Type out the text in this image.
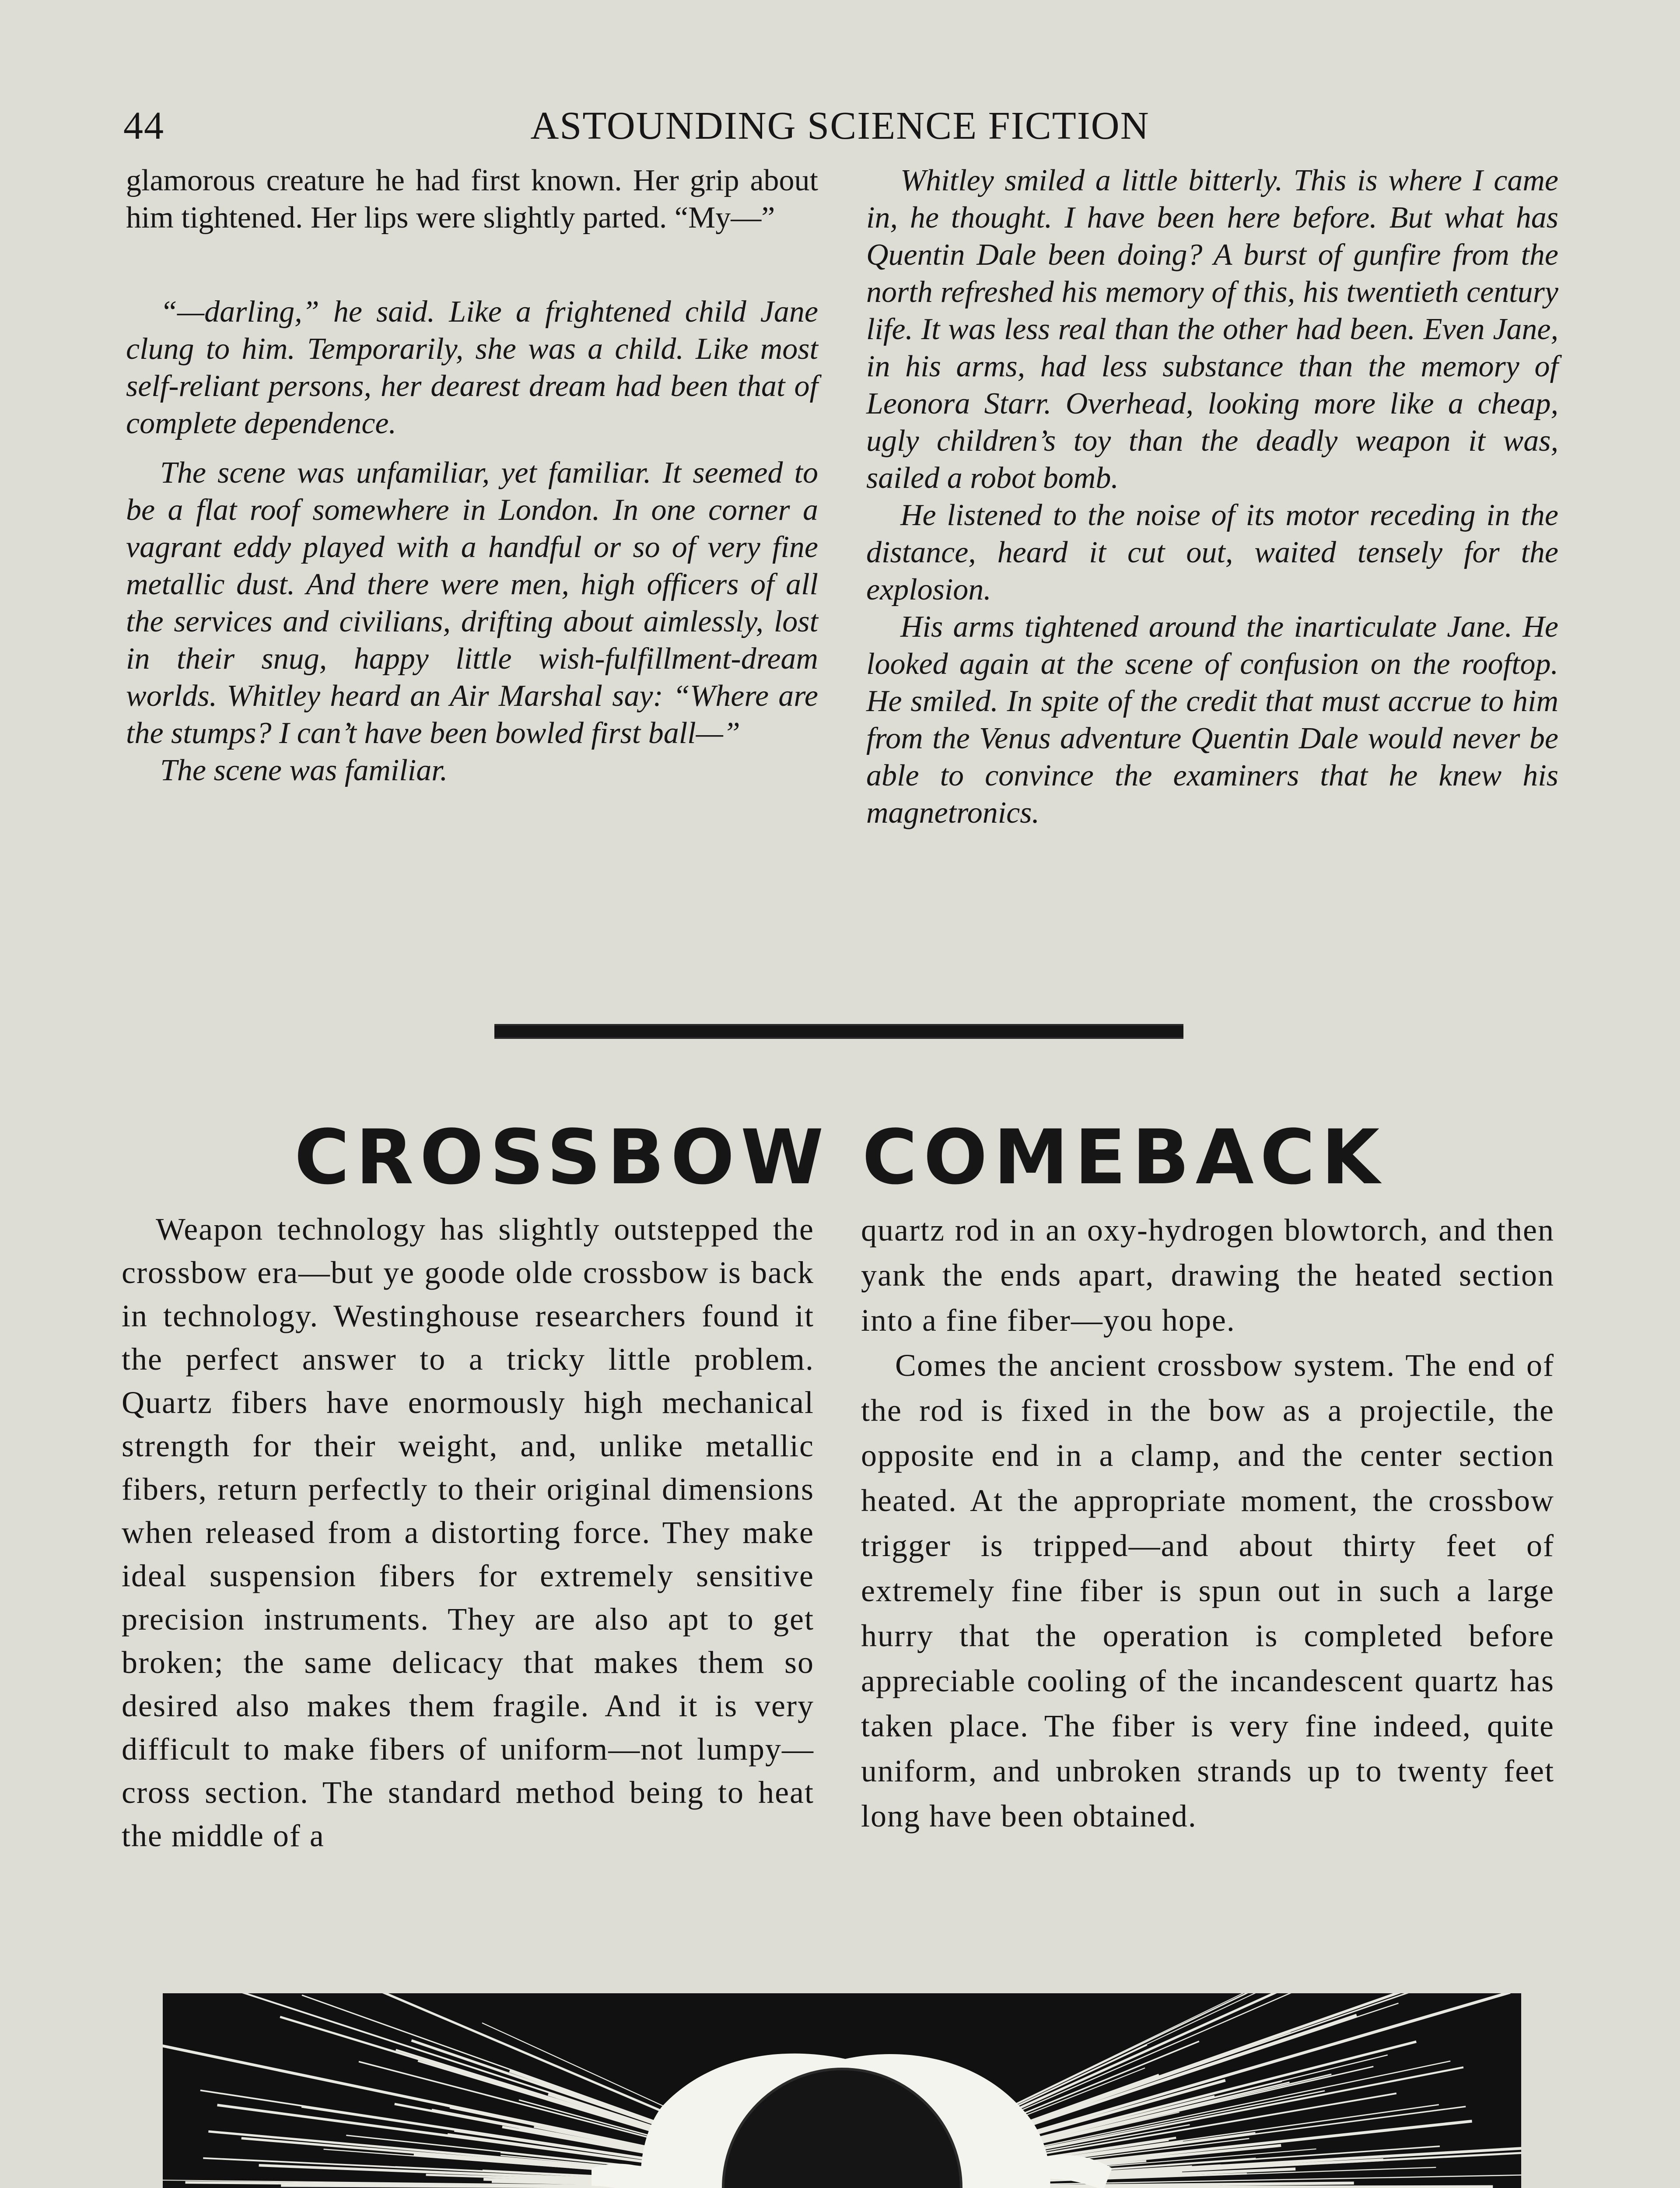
44	ASTOUNDING SCIENCE FICTION

glamorous creature he had first known. Her grip about him tightened. Her lips were slightly parted. “My—”

“—darling,” he said. Like a frightened child Jane clung to him. Temporarily, she was a child. Like most self-reliant persons, her dearest dream had been that of complete dependence.

The scene was unfamiliar, yet familiar. It seemed to be a flat roof somewhere in London. In one corner a vagrant eddy played with a handful or so of very fine metallic dust. And there were men, high officers of all the services and civilians, drifting about aimlessly, lost in their snug, happy little wish-fulfillment-dream worlds. Whitley heard an Air Marshal say: “Where are the stumps? I can’t have been bowled first ball—”

The scene was familiar.

Whitley smiled a little bitterly. This is where I came in, he thought. I have been here before. But what has Quentin Dale been doing? A burst of gunfire from the north refreshed his memory of this, his twentieth century life. It was less real than the other had been. Even Jane, in his arms, had less substance than the memory of Leonora Starr. Overhead, looking more like a cheap, ugly children’s toy than the deadly weapon it was, sailed a robot bomb.

He listened to the noise of its motor receding in the distance, heard it cut out, waited tensely for the explosion.

His arms tightened around the inarticulate Jane. He looked again at the scene of confusion on the rooftop. He smiled. In spite of the credit that must accrue to him from the Venus adventure Quentin Dale would never be able to convince the examiners that he knew his magnetronics.

CROSSBOW COMEBACK

Weapon technology has slightly outstepped the crossbow era—but ye goode olde crossbow is back in technology. Westinghouse researchers found it the perfect answer to a tricky little problem. Quartz fibers have enormously high mechanical strength for their weight, and, unlike metallic fibers, return perfectly to their original dimensions when released from a distorting force. They make ideal suspension fibers for extremely sensitive precision instruments. They are also apt to get broken; the same delicacy that makes them so desired also makes them fragile. And it is very difficult to make fibers of uniform—not lumpy—cross section. The standard method being to heat the middle of a

quartz rod in an oxy-hydrogen blowtorch, and then yank the ends apart, drawing the heated section into a fine fiber—you hope.

Comes the ancient crossbow system. The end of the rod is fixed in the bow as a projectile, the opposite end in a clamp, and the center section heated. At the appropriate moment, the crossbow trigger is tripped—and about thirty feet of extremely fine fiber is spun out in such a large hurry that the operation is completed before appreciable cooling of the incandescent quartz has taken place. The fiber is very fine indeed, quite uniform, and unbroken strands up to twenty feet long have been obtained.
